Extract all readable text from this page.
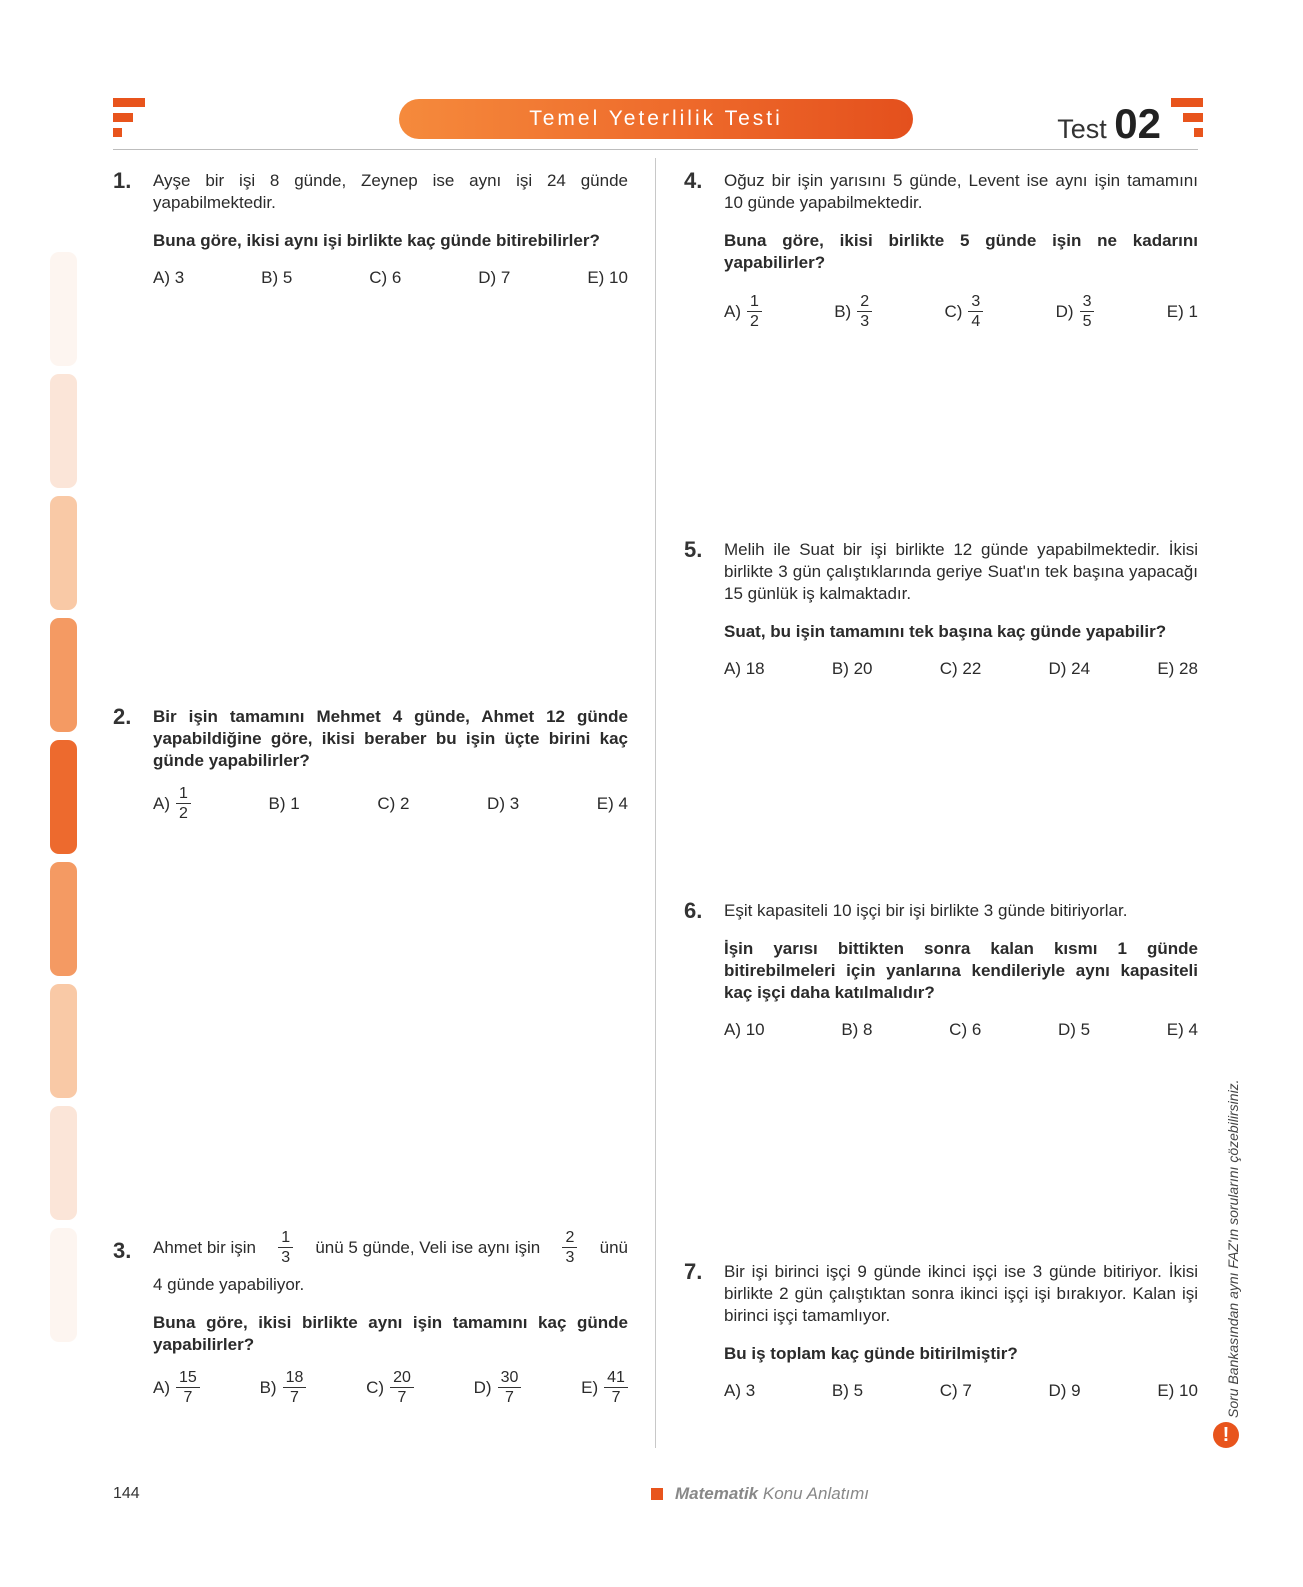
Temel Yeterlilik Testi	Test 02
1. Ayşe bir işi 8 günde, Zeynep ise aynı işi 24 günde yapabilmektedir.
Buna göre, ikisi aynı işi birlikte kaç günde bitirebilirler?
A) 3	B) 5	C) 6	D) 7	E) 10
2. Bir işin tamamını Mehmet 4 günde, Ahmet 12 günde yapabildiğine göre, ikisi beraber bu işin üçte birini kaç günde yapabilirler?
$A) \frac{1}{2}$	B) 1	C) 2	D) 3	E) 4
3. Ahmet bir işin $\frac{1}{3}$ ünü 5 günde, Veli ise aynı işin $\frac{2}{3}$ ünü
4 günde yapabiliyor.
Buna göre, ikisi birlikte aynı işin tamamını kaç günde yapabilirler?
$A) \frac{15}{7}$	$B) \frac{18}{7}$	$C) \frac{20}{7}$	$D) \frac{30}{7}$	$E) \frac{41}{7}$
4. Oğuz bir işin yarısını 5 günde, Levent ise aynı işin tamamını 10 günde yapabilmektedir.
Buna göre, ikisi birlikte 5 günde işin ne kadarını yapabilirler?
$A) \frac{1}{2}$	$B) \frac{2}{3}$	$C) \frac{3}{4}$	$D) \frac{3}{5}$	E) 1
5. Melih ile Suat bir işi birlikte 12 günde yapabilmektedir. İkisi birlikte 3 gün çalıştıklarında geriye Suat'ın tek başına yapacağı 15 günlük iş kalmaktadır.
Suat, bu işin tamamını tek başına kaç günde yapabilir?
A) 18	B) 20	C) 22	D) 24	E) 28
6. Eşit kapasiteli 10 işçi bir işi birlikte 3 günde bitiriyorlar.
İşin yarısı bittikten sonra kalan kısmı 1 günde bitirebilmeleri için yanlarına kendileriyle aynı kapasiteli kaç işçi daha katılmalıdır?
A) 10	B) 8	C) 6	D) 5	E) 4
7. Bir işi birinci işçi 9 günde ikinci işçi ise 3 günde bitiriyor. İkisi birlikte 2 gün çalıştıktan sonra ikinci işçi işi bırakıyor. Kalan işi birinci işçi tamamlıyor.
Bu iş toplam kaç günde bitirilmiştir?
A) 3	B) 5	C) 7	D) 9	E) 10 Soru Bankasından aynı FAZ'ın sorularını çözebilirsiniz.
!
144	Matematik Konu Anlatımı
